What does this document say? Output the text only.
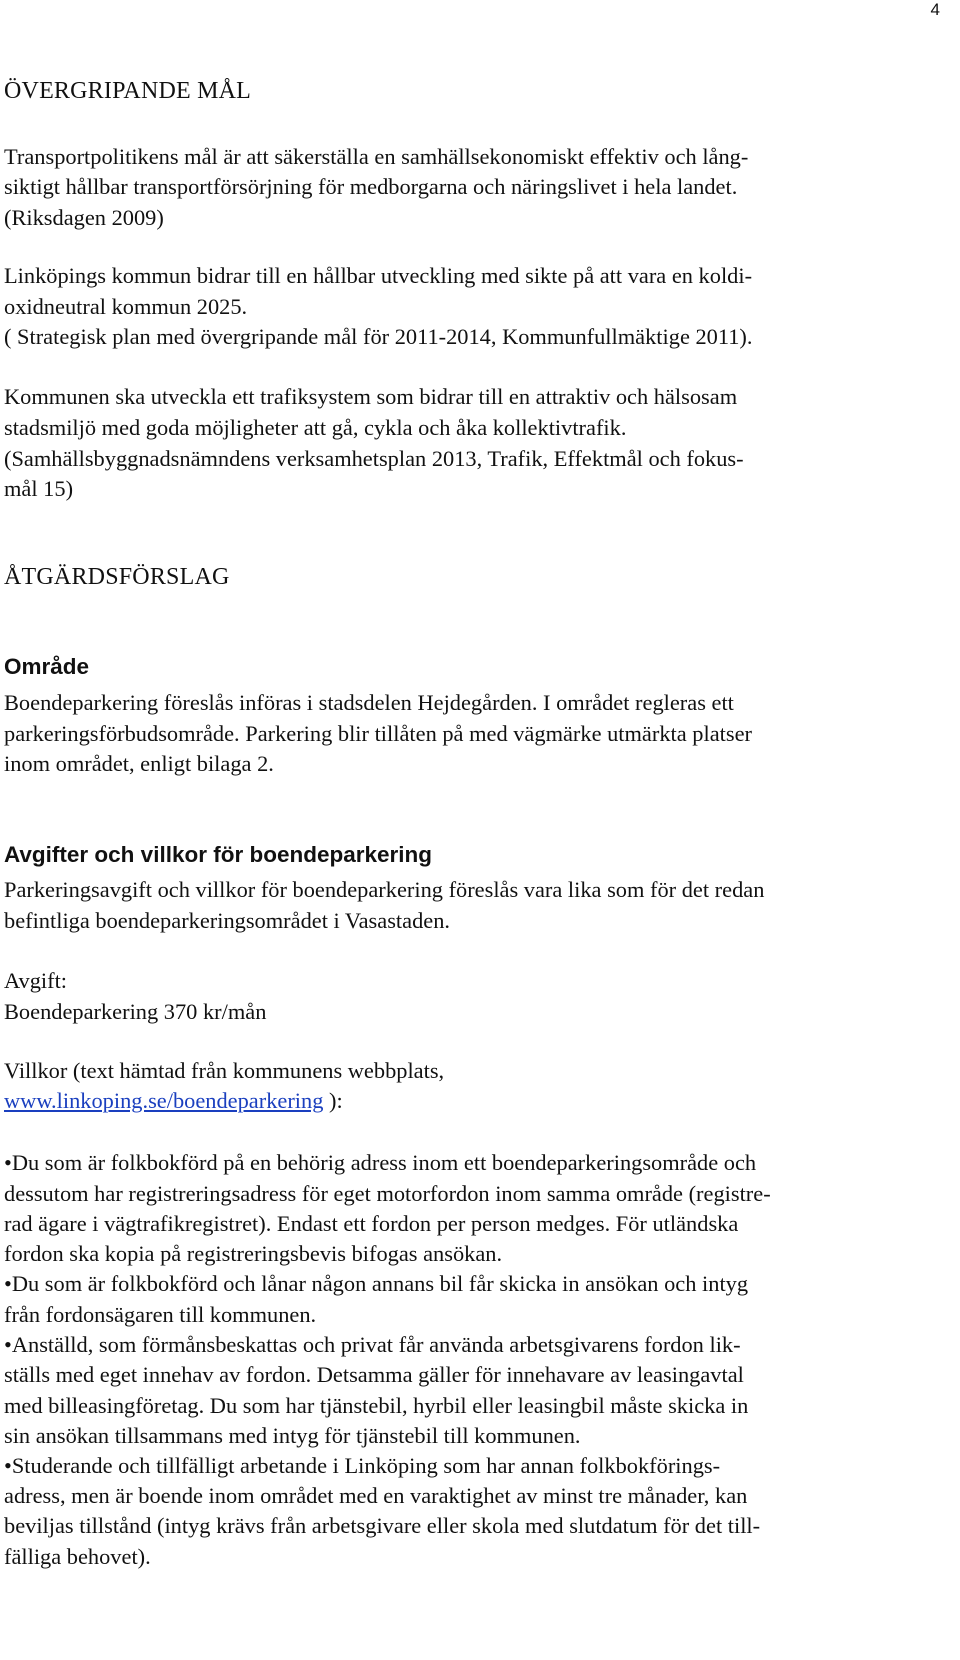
4
ÖVERGRIPANDE MÅL
Transportpolitikens mål är att säkerställa en samhällsekonomiskt effektiv och lång-
siktigt hållbar transportförsörjning för medborgarna och näringslivet i hela landet.
(Riksdagen 2009)
Linköpings kommun bidrar till en hållbar utveckling med sikte på att vara en koldi-
oxidneutral kommun 2025.
( Strategisk plan med övergripande mål för 2011-2014, Kommunfullmäktige 2011).
Kommunen ska utveckla ett trafiksystem som bidrar till en attraktiv och hälsosam
stadsmiljö med goda möjligheter att gå, cykla och åka kollektivtrafik.
(Samhällsbyggnadsnämndens verksamhetsplan 2013, Trafik, Effektmål och fokus-
mål 15)
ÅTGÄRDSFÖRSLAG
Område
Boendeparkering föreslås införas i stadsdelen Hejdegården. I området regleras ett
parkeringsförbudsområde. Parkering blir tillåten på med vägmärke utmärkta platser
inom området, enligt bilaga 2.
Avgifter och villkor för boendeparkering
Parkeringsavgift och villkor för boendeparkering föreslås vara lika som för det redan
befintliga boendeparkeringsområdet i Vasastaden.
Avgift:
Boendeparkering 370 kr/mån
Villkor (text hämtad från kommunens webbplats,
www.linkoping.se/boendeparkering ):
•Du som är folkbokförd på en behörig adress inom ett boendeparkeringsområde och
dessutom har registreringsadress för eget motorfordon inom samma område (registre-
rad ägare i vägtrafikregistret). Endast ett fordon per person medges. För utländska
fordon ska kopia på registreringsbevis bifogas ansökan.
•Du som är folkbokförd och lånar någon annans bil får skicka in ansökan och intyg
från fordonsägaren till kommunen.
•Anställd, som förmånsbeskattas och privat får använda arbetsgivarens fordon lik-
ställs med eget innehav av fordon. Detsamma gäller för innehavare av leasingavtal
med billeasingföretag. Du som har tjänstebil, hyrbil eller leasingbil måste skicka in
sin ansökan tillsammans med intyg för tjänstebil till kommunen.
•Studerande och tillfälligt arbetande i Linköping som har annan folkbokförings-
adress, men är boende inom området med en varaktighet av minst tre månader, kan
beviljas tillstånd (intyg krävs från arbetsgivare eller skola med slutdatum för det till-
fälliga behovet).
